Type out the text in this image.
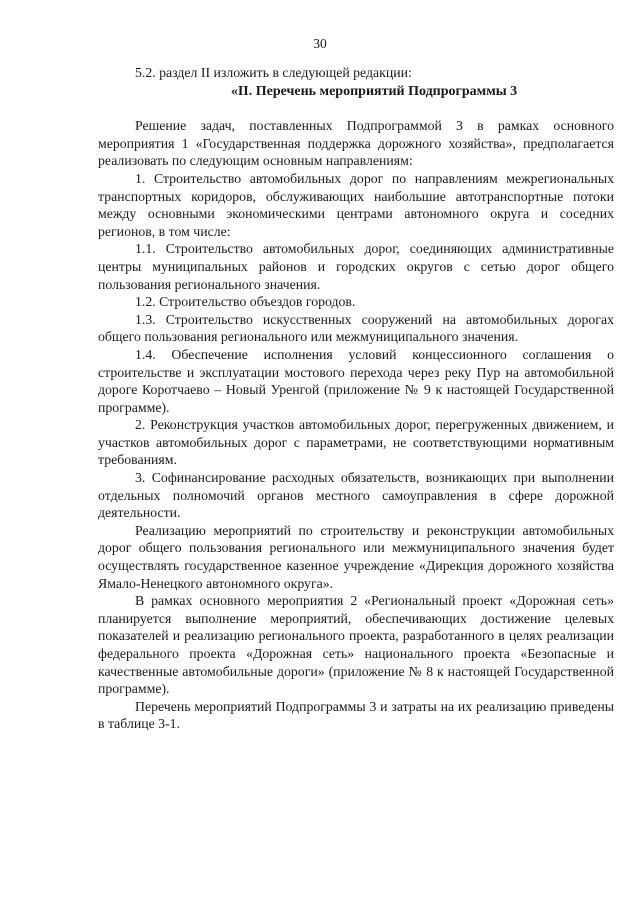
30

5.2. раздел II изложить в следующей редакции:

«II. Перечень мероприятий Подпрограммы 3

Решение задач, поставленных Подпрограммой 3 в рамках основного мероприятия 1 «Государственная поддержка дорожного хозяйства», предполагается реализовать по следующим основным направлениям:

1. Строительство автомобильных дорог по направлениям межрегиональных транспортных коридоров, обслуживающих наибольшие автотранспортные потоки между основными экономическими центрами автономного округа и соседних регионов, в том числе:

1.1. Строительство автомобильных дорог, соединяющих административные центры муниципальных районов и городских округов с сетью дорог общего пользования регионального значения.

1.2. Строительство объездов городов.

1.3. Строительство искусственных сооружений на автомобильных дорогах общего пользования регионального или межмуниципального значения.

1.4. Обеспечение исполнения условий концессионного соглашения о строительстве и эксплуатации мостового перехода через реку Пур на автомобильной дороге Коротчаево – Новый Уренгой (приложение № 9 к настоящей Государственной программе).

2. Реконструкция участков автомобильных дорог, перегруженных движением, и участков автомобильных дорог с параметрами, не соответствующими нормативным требованиям.

3. Софинансирование расходных обязательств, возникающих при выполнении отдельных полномочий органов местного самоуправления в сфере дорожной деятельности.

Реализацию мероприятий по строительству и реконструкции автомобильных дорог общего пользования регионального или межмуниципального значения будет осуществлять государственное казенное учреждение «Дирекция дорожного хозяйства Ямало-Ненецкого автономного округа».

В рамках основного мероприятия 2 «Региональный проект «Дорожная сеть» планируется выполнение мероприятий, обеспечивающих достижение целевых показателей и реализацию регионального проекта, разработанного в целях реализации федерального проекта «Дорожная сеть» национального проекта «Безопасные и качественные автомобильные дороги» (приложение № 8 к настоящей Государственной программе).

Перечень мероприятий Подпрограммы 3 и затраты на их реализацию приведены в таблице 3-1.
